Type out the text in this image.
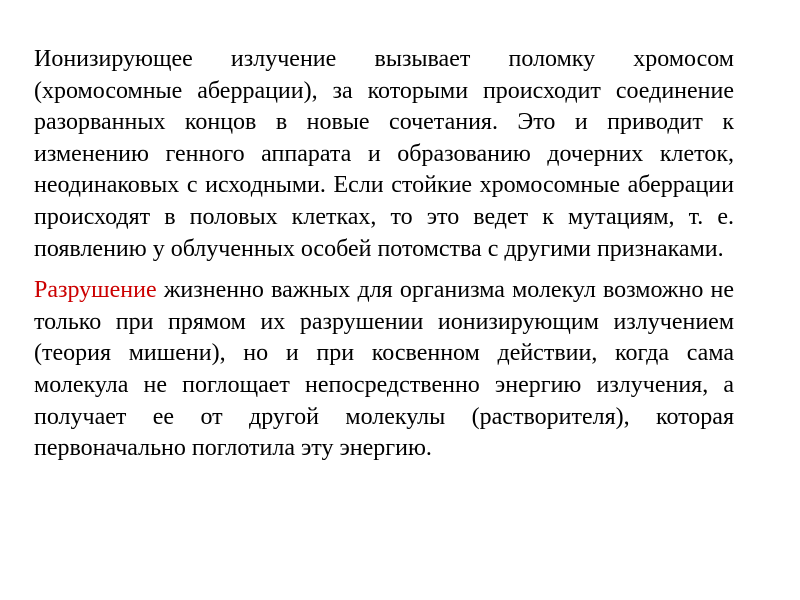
Ионизирующее излучение вызывает поломку хромосом (хромосомные аберрации), за которыми происходит соединение разорванных концов в новые сочетания. Это и приводит к изменению генного аппарата и образованию дочерних клеток, неодинаковых с исходными. Если стойкие хромосомные аберрации происходят в половых клетках, то это ведет к мутациям, т. е. появлению у облученных особей потомства с другими признаками.

Разрушение жизненно важных для организма молекул возможно не только при прямом их разрушении ионизирующим излучением (теория мишени), но и при косвенном действии, когда сама молекула не поглощает непосредственно энергию излучения, а получает ее от другой молекулы (растворителя), которая первоначально поглотила эту энергию.
